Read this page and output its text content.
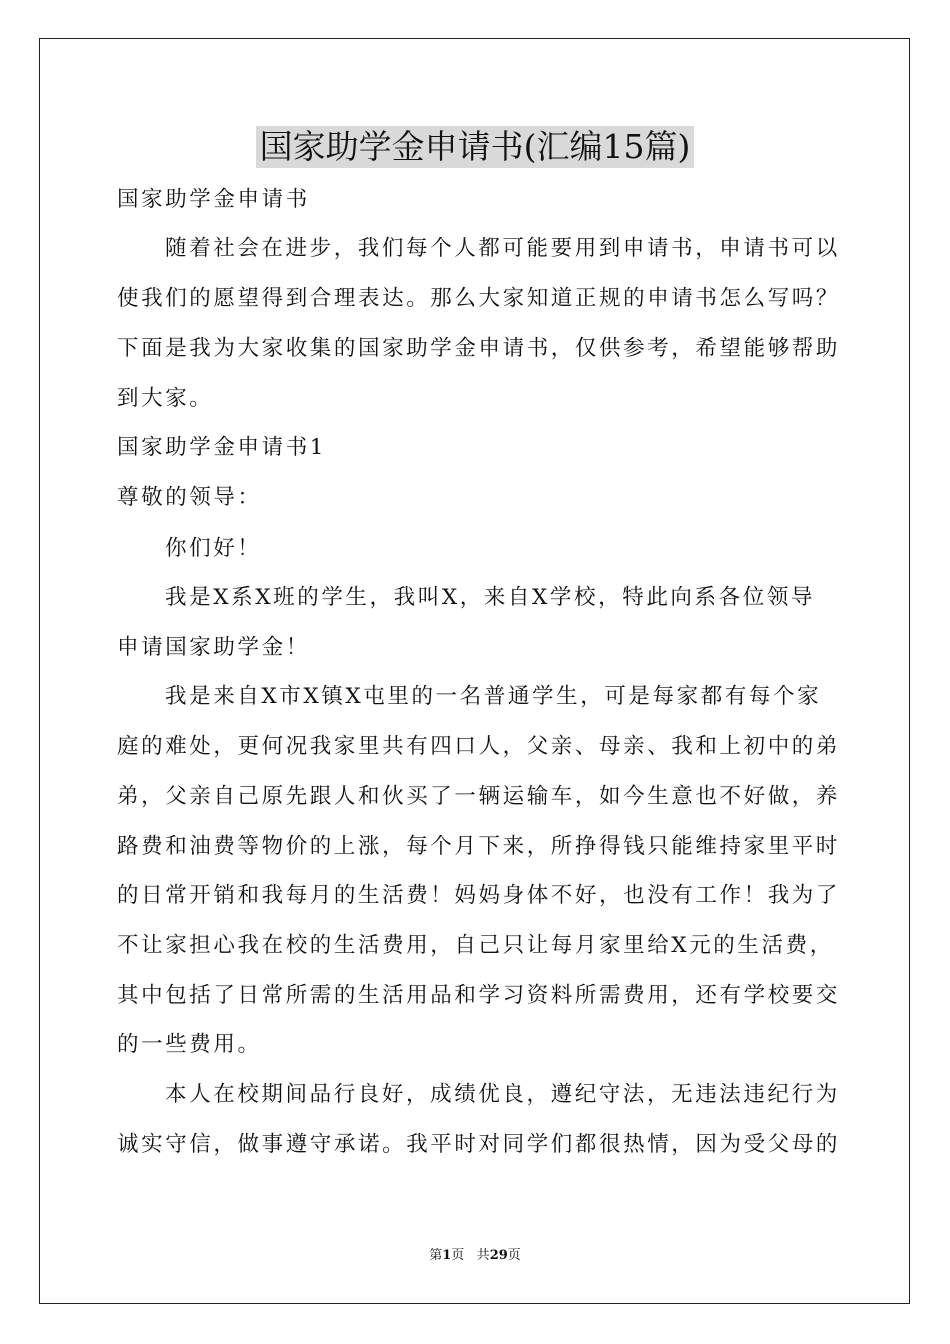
国家助学金申请书(汇编15篇)
国家助学金申请书
随着社会在进步，我们每个人都可能要用到申请书，申请书可以
使我们的愿望得到合理表达。那么大家知道正规的申请书怎么写吗？
下面是我为大家收集的国家助学金申请书，仅供参考，希望能够帮助
到大家。
国家助学金申请书1
尊敬的领导：
你们好！
我是X系X班的学生，我叫X，来自X学校，特此向系各位领导
申请国家助学金！
我是来自X市X镇X屯里的一名普通学生，可是每家都有每个家
庭的难处，更何况我家里共有四口人，父亲、母亲、我和上初中的弟
弟，父亲自己原先跟人和伙买了一辆运输车，如今生意也不好做，养
路费和油费等物价的上涨，每个月下来，所挣得钱只能维持家里平时
的日常开销和我每月的生活费！妈妈身体不好，也没有工作！我为了
不让家担心我在校的生活费用，自己只让每月家里给X元的生活费，
其中包括了日常所需的生活用品和学习资料所需费用，还有学校要交
的一些费用。
本人在校期间品行良好，成绩优良，遵纪守法，无违法违纪行为
诚实守信，做事遵守承诺。我平时对同学们都很热情，因为受父母的
第1页 共29页
